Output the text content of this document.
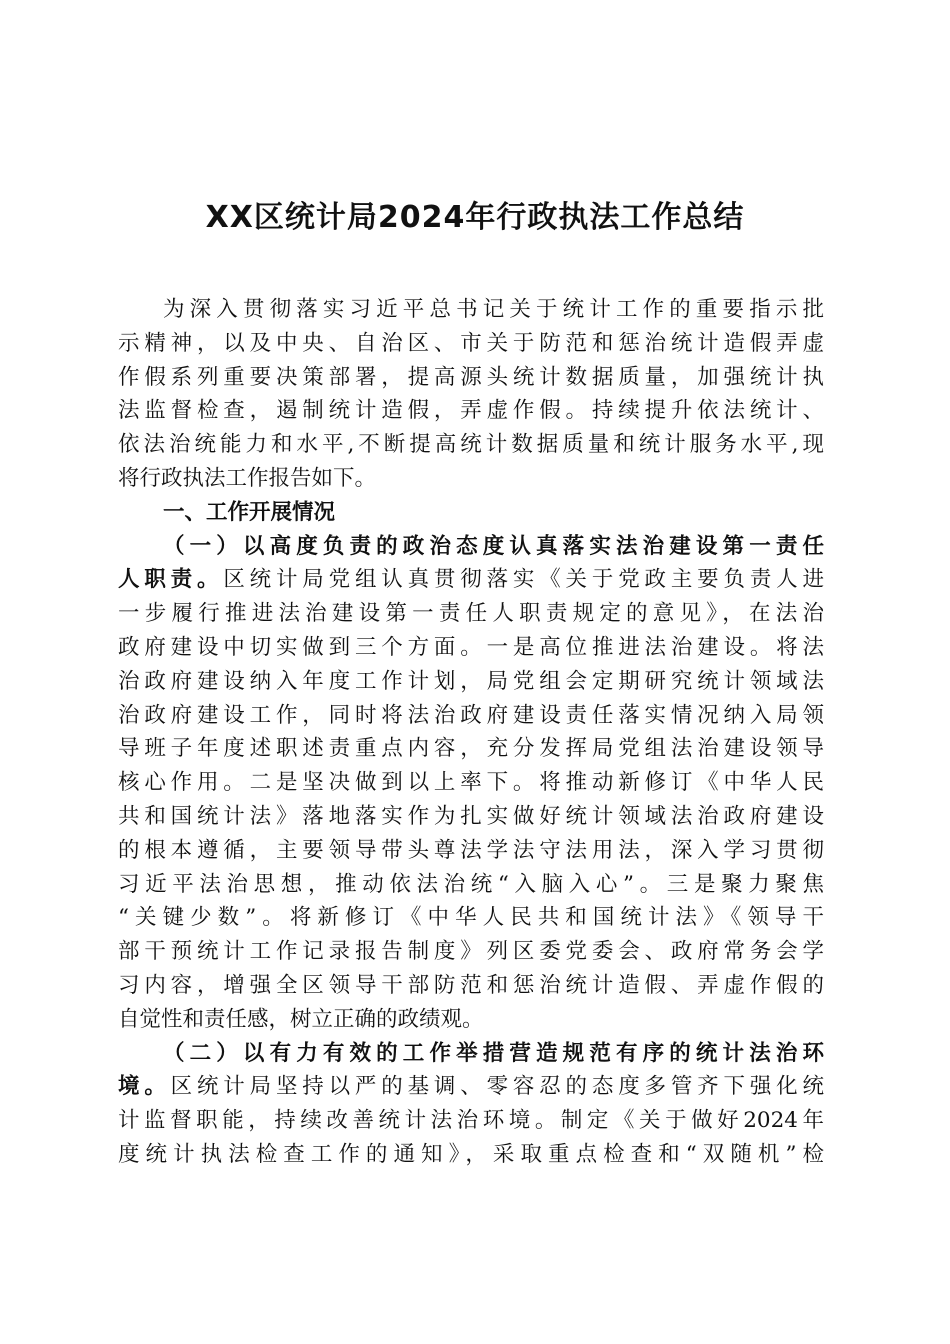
XX区统计局2024年行政执法工作总结
为深入贯彻落实习近平总书记关于统计工作的重要指示批
示精神，以及中央、自治区、市关于防范和惩治统计造假弄虚
作假系列重要决策部署，提高源头统计数据质量，加强统计执
法监督检查，遏制统计造假，弄虚作假。持续提升依法统计、
依法治统能力和水平,不断提高统计数据质量和统计服务水平,现
将行政执法工作报告如下。
一、工作开展情况
（一）以高度负责的政治态度认真落实法治建设第一责任
人职责。区统计局党组认真贯彻落实《关于党政主要负责人进
一步履行推进法治建设第一责任人职责规定的意见》，在法治
政府建设中切实做到三个方面。一是高位推进法治建设。将法
治政府建设纳入年度工作计划，局党组会定期研究统计领域法
治政府建设工作，同时将法治政府建设责任落实情况纳入局领
导班子年度述职述责重点内容，充分发挥局党组法治建设领导
核心作用。二是坚决做到以上率下。将推动新修订《中华人民
共和国统计法》落地落实作为扎实做好统计领域法治政府建设
的根本遵循，主要领导带头尊法学法守法用法，深入学习贯彻
习近平法治思想，推动依法治统“入脑入心”。三是聚力聚焦
“关键少数”。将新修订《中华人民共和国统计法》《领导干
部干预统计工作记录报告制度》列区委党委会、政府常务会学
习内容，增强全区领导干部防范和惩治统计造假、弄虚作假的
自觉性和责任感，树立正确的政绩观。
（二）以有力有效的工作举措营造规范有序的统计法治环
境。区统计局坚持以严的基调、零容忍的态度多管齐下强化统
计监督职能，持续改善统计法治环境。制定《关于做好2024年
度统计执法检查工作的通知》，采取重点检查和“双随机”检
